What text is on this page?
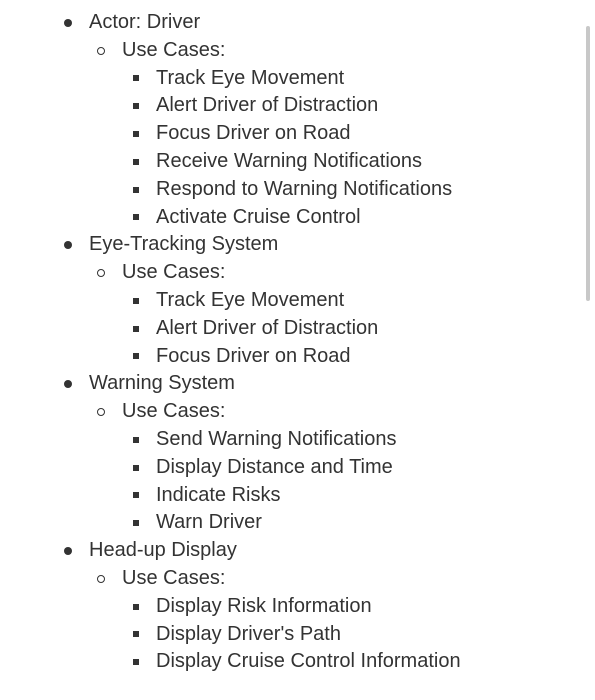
Actor: Driver
Use Cases:
Track Eye Movement
Alert Driver of Distraction
Focus Driver on Road
Receive Warning Notifications
Respond to Warning Notifications
Activate Cruise Control
Eye-Tracking System
Use Cases:
Track Eye Movement
Alert Driver of Distraction
Focus Driver on Road
Warning System
Use Cases:
Send Warning Notifications
Display Distance and Time
Indicate Risks
Warn Driver
Head-up Display
Use Cases:
Display Risk Information
Display Driver's Path
Display Cruise Control Information
